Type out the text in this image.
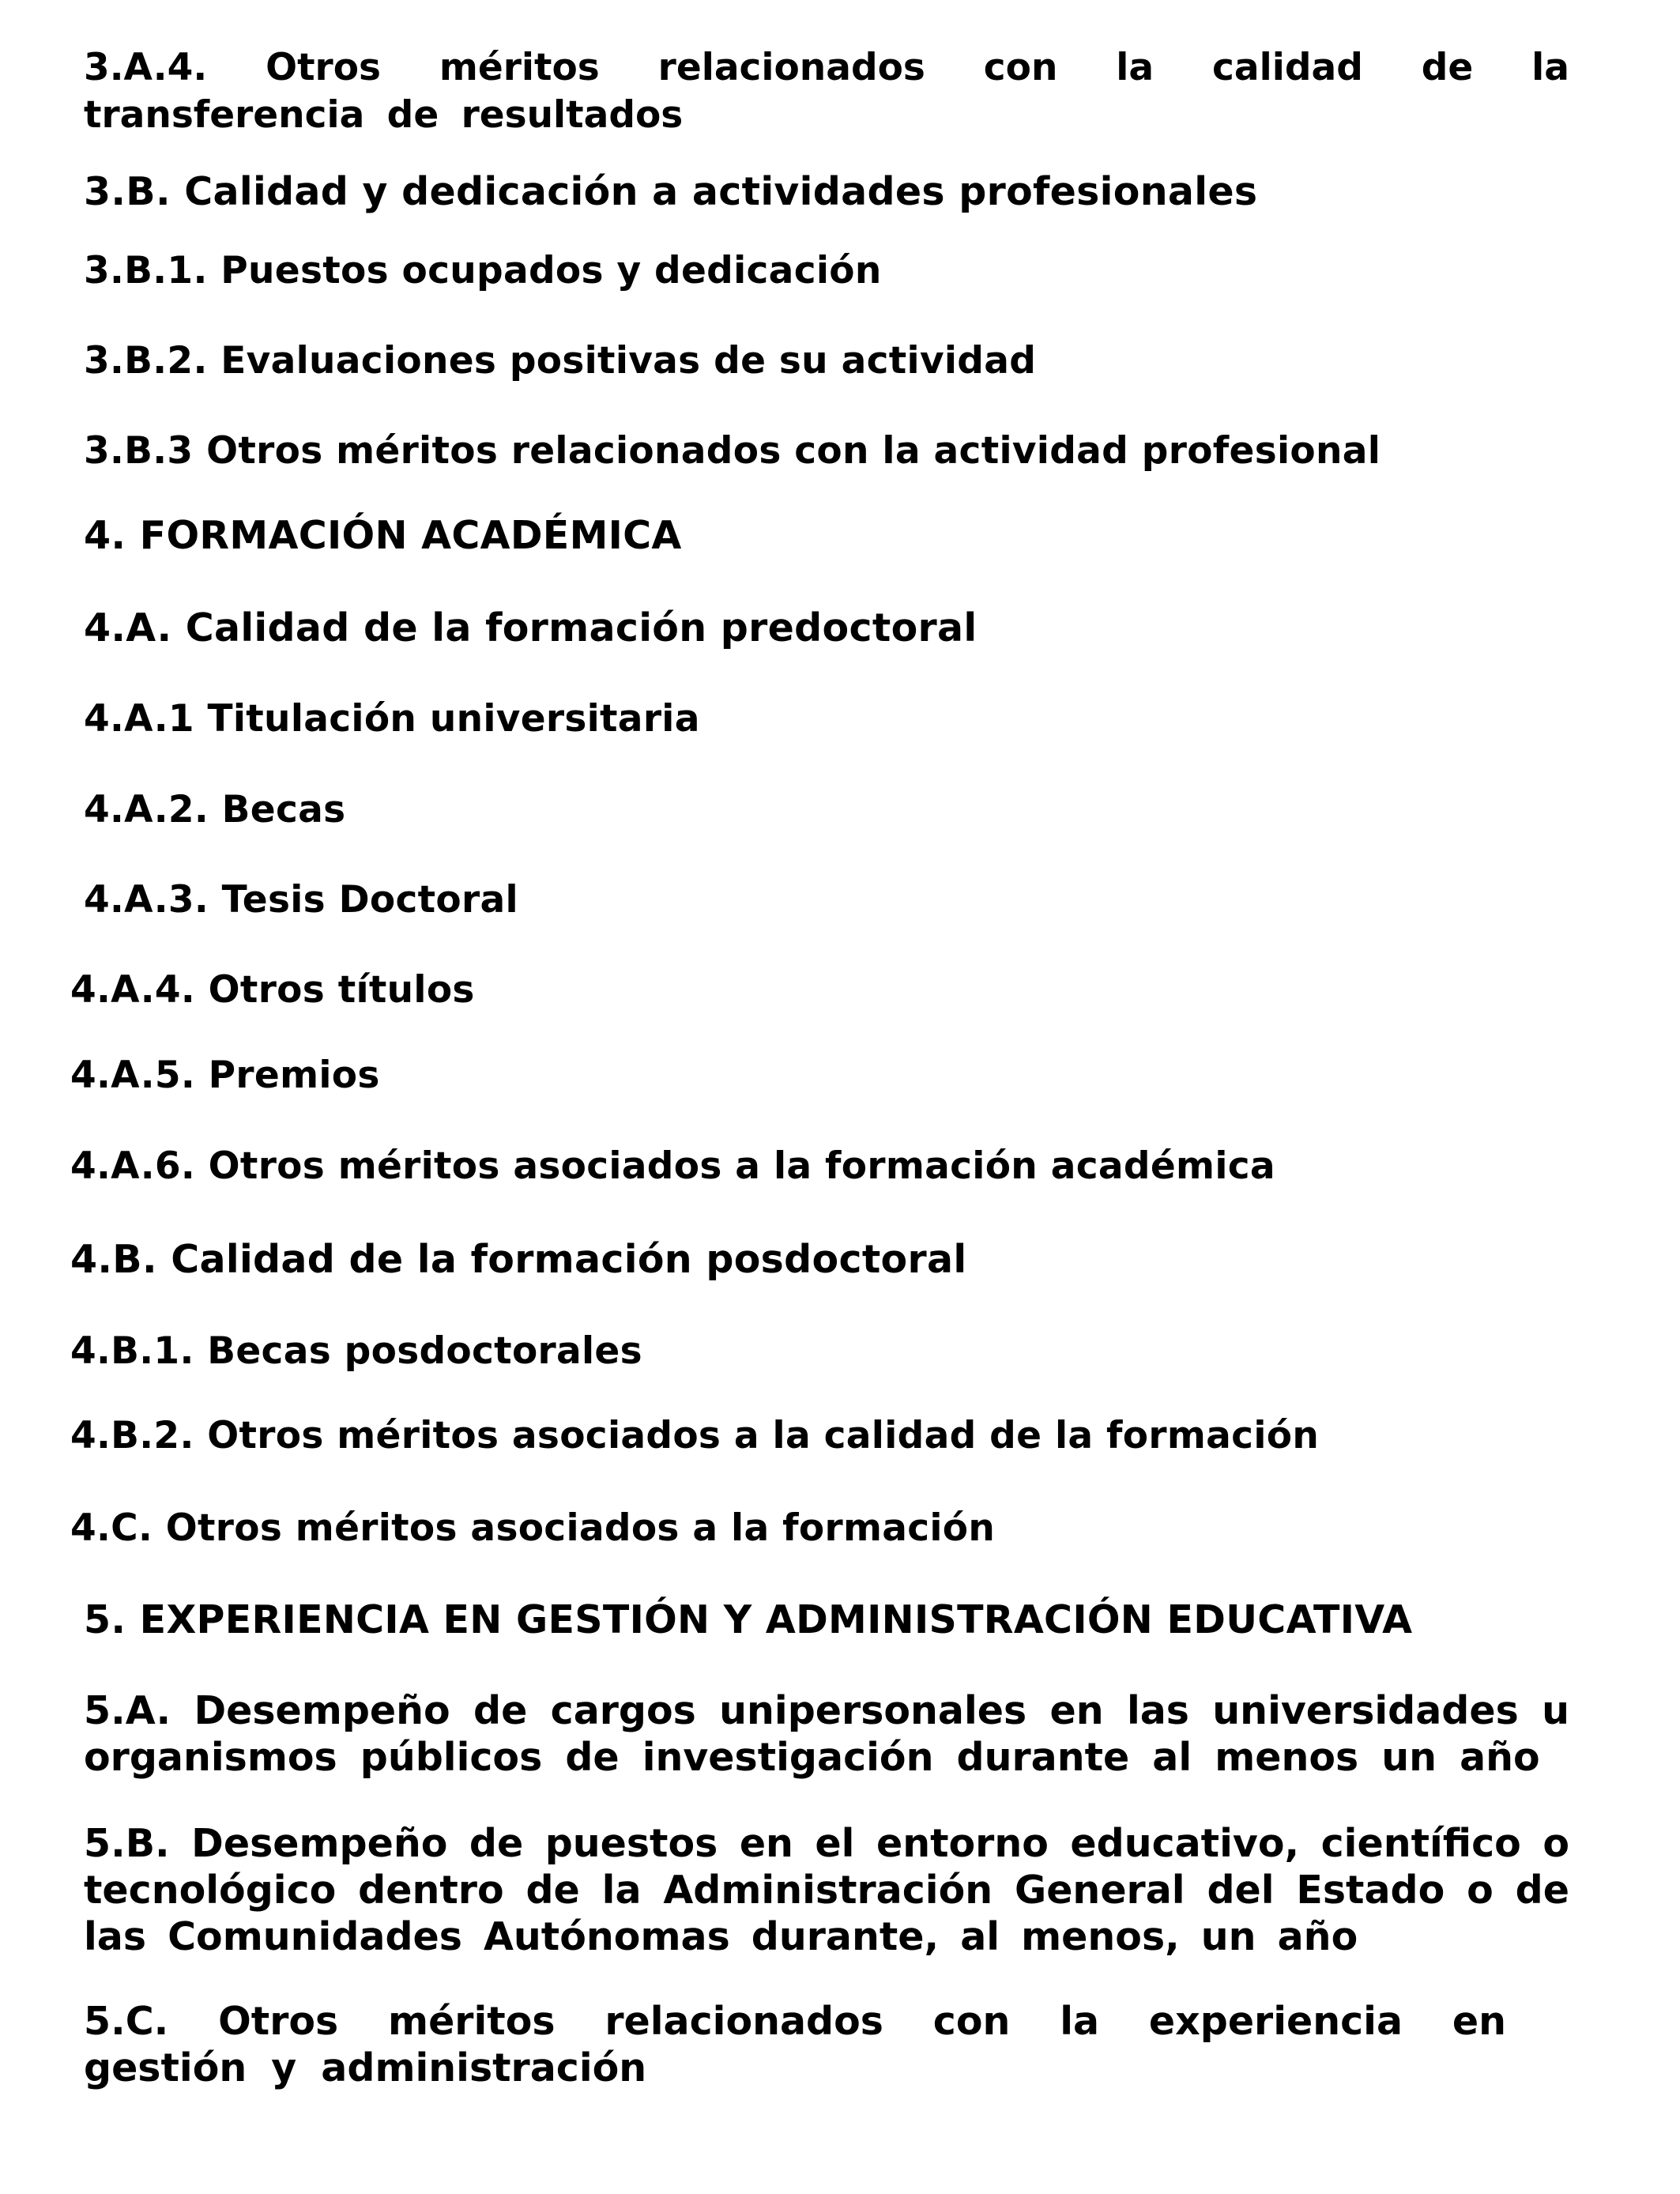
3.A.4. Otros méritos relacionados con la calidad de la transferencia de resultados

3.B. Calidad y dedicación a actividades profesionales

3.B.1. Puestos ocupados y dedicación

3.B.2. Evaluaciones positivas de su actividad

3.B.3 Otros méritos relacionados con la actividad profesional

4. FORMACIÓN ACADÉMICA

4.A. Calidad de la formación predoctoral

4.A.1 Titulación universitaria

4.A.2. Becas

4.A.3. Tesis Doctoral

4.A.4. Otros títulos

4.A.5. Premios

4.A.6. Otros méritos asociados a la formación académica

4.B. Calidad de la formación posdoctoral

4.B.1. Becas posdoctorales

4.B.2. Otros méritos asociados a la calidad de la formación

4.C. Otros méritos asociados a la formación

5. EXPERIENCIA EN GESTIÓN Y ADMINISTRACIÓN EDUCATIVA

5.A. Desempeño de cargos unipersonales en las universidades u organismos públicos de investigación durante al menos un año

5.B. Desempeño de puestos en el entorno educativo, científico o tecnológico dentro de la Administración General del Estado o de las Comunidades Autónomas durante, al menos, un año

5.C. Otros méritos relacionados con la experiencia en gestión y administración
